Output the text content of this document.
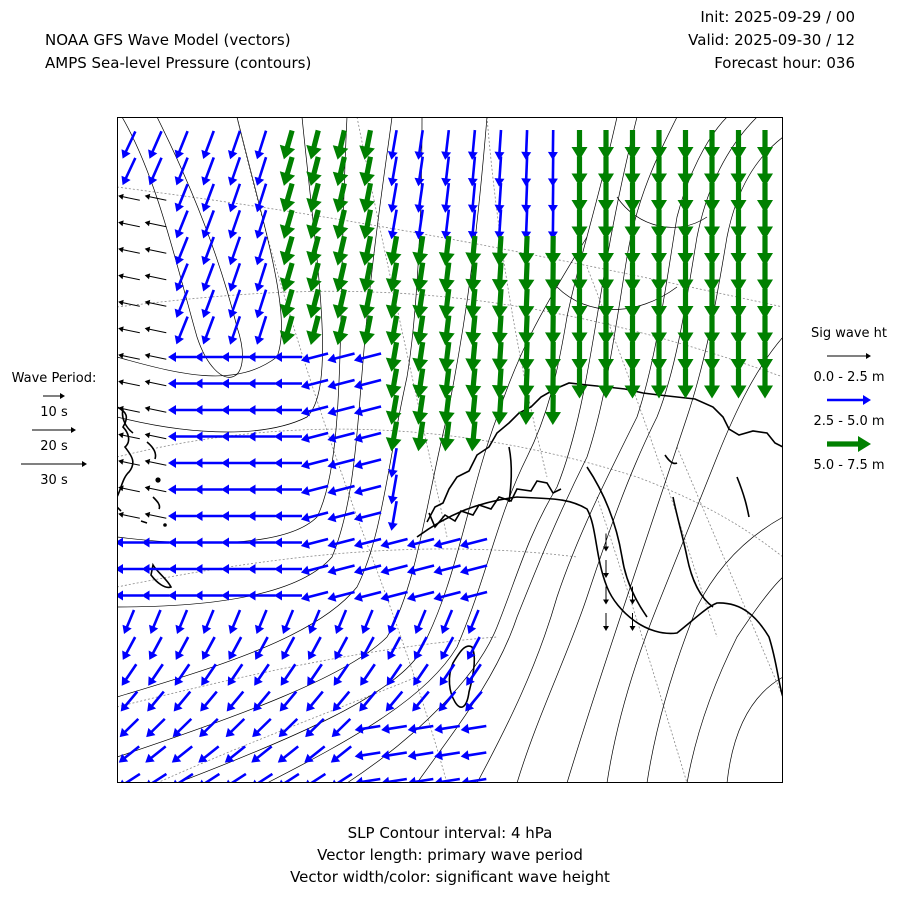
NOAA GFS Wave Model (vectors)
AMPS Sea-level Pressure (contours)
Init: 2025-09-29 / 00
Valid: 2025-09-30 / 12
Forecast hour: 036
Wave Period:
10 s
20 s
30 s
Sig wave ht
0.0 - 2.5 m
2.5 - 5.0 m
5.0 - 7.5 m
SLP Contour interval: 4 hPa
Vector length: primary wave period
Vector width/color: significant wave height
